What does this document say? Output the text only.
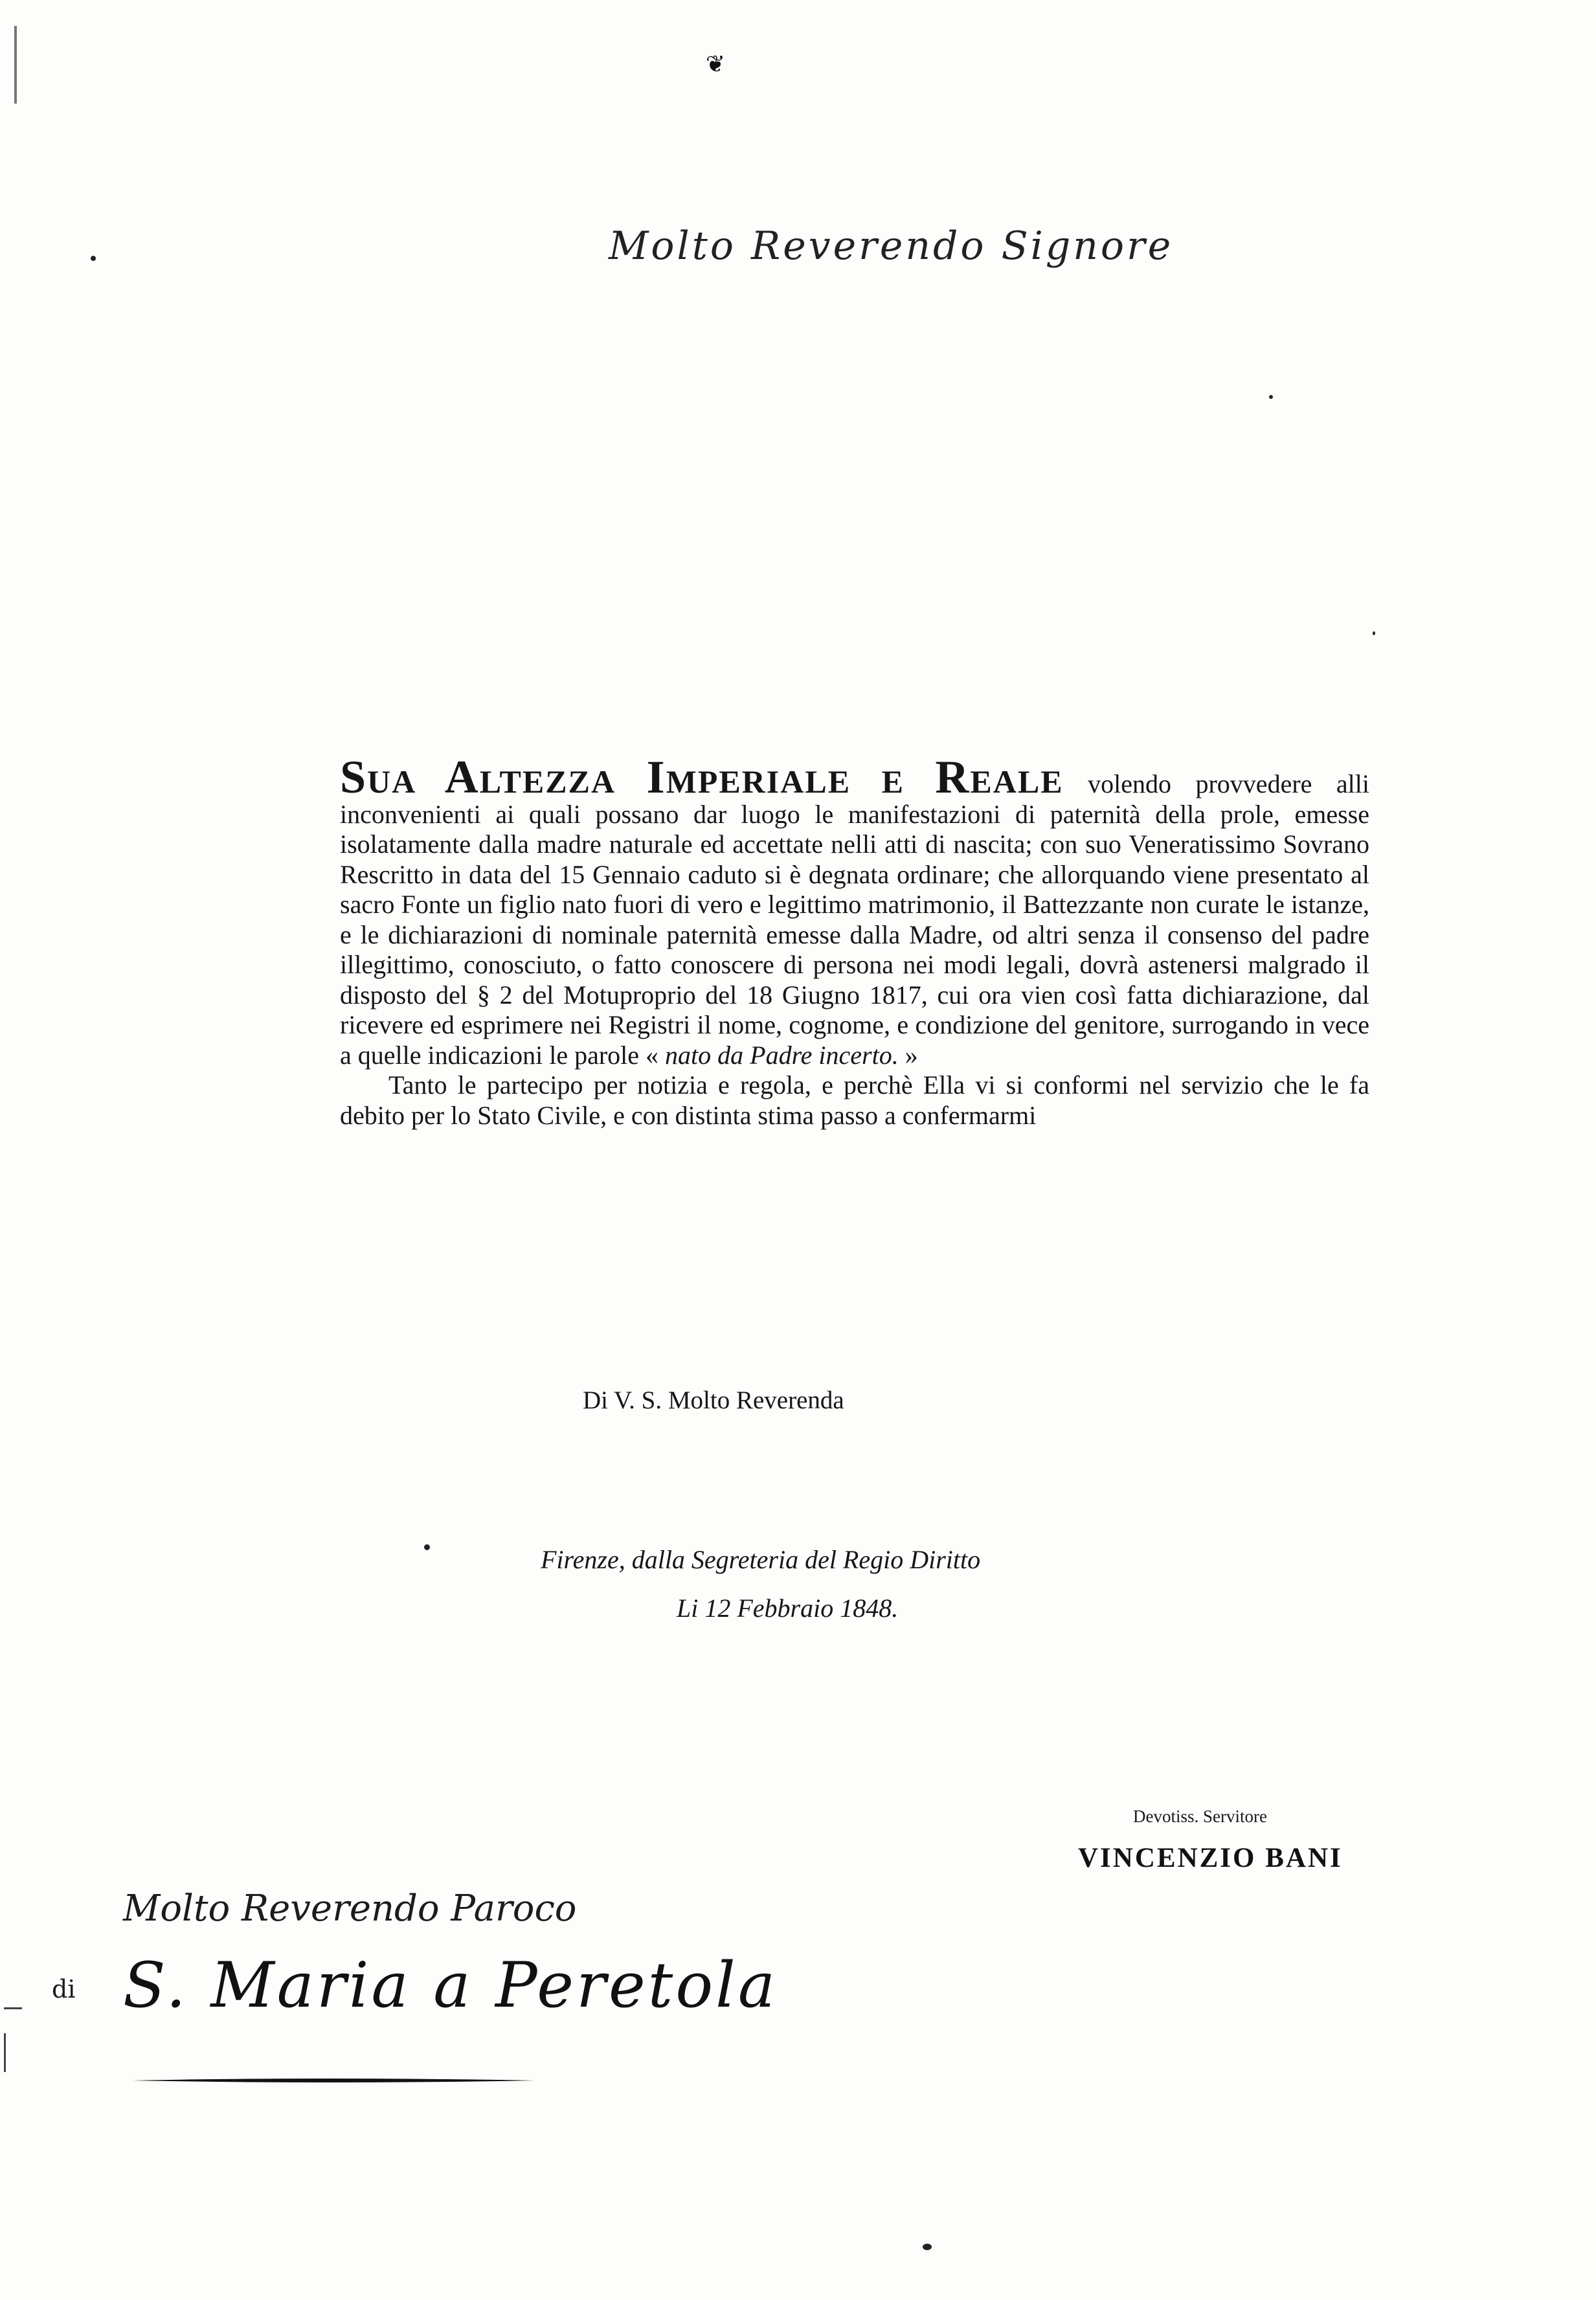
❦
Molto Reverendo Signore

Sua Altezza Imperiale e Reale volendo provvedere alli inconvenienti ai quali possano dar luogo le manifestazioni di paternità della prole, emesse isolatamente dalla madre naturale ed accettate nelli atti di nascita; con suo Veneratissimo Sovrano Rescritto in data del 15 Gennaio caduto si è degnata ordinare; che allorquando viene presentato al sacro Fonte un figlio nato fuori di vero e legittimo matrimonio, il Battezzante non curate le istanze, e le dichiarazioni di nominale paternità emesse dalla Madre, od altri senza il consenso del padre illegittimo, conosciuto, o fatto conoscere di persona nei modi legali, dovrà astenersi malgrado il disposto del § 2 del Motuproprio del 18 Giugno 1817, cui ora vien così fatta dichiarazione, dal ricevere ed esprimere nei Registri il nome, cognome, e condizione del genitore, surrogando in vece a quelle indicazioni le parole « nato da Padre incerto. »

Tanto le partecipo per notizia e regola, e perchè Ella vi si conformi nel servizio che le fa debito per lo Stato Civile, e con distinta stima passo a confermarmi

Di V. S. Molto Reverenda
Firenze, dalla Segreteria del Regio Diritto
Li 12 Febbraio 1848.
Devotiss. Servitore
VINCENZIO BANI
Molto Reverendo Paroco
di S. Maria a Peretola
